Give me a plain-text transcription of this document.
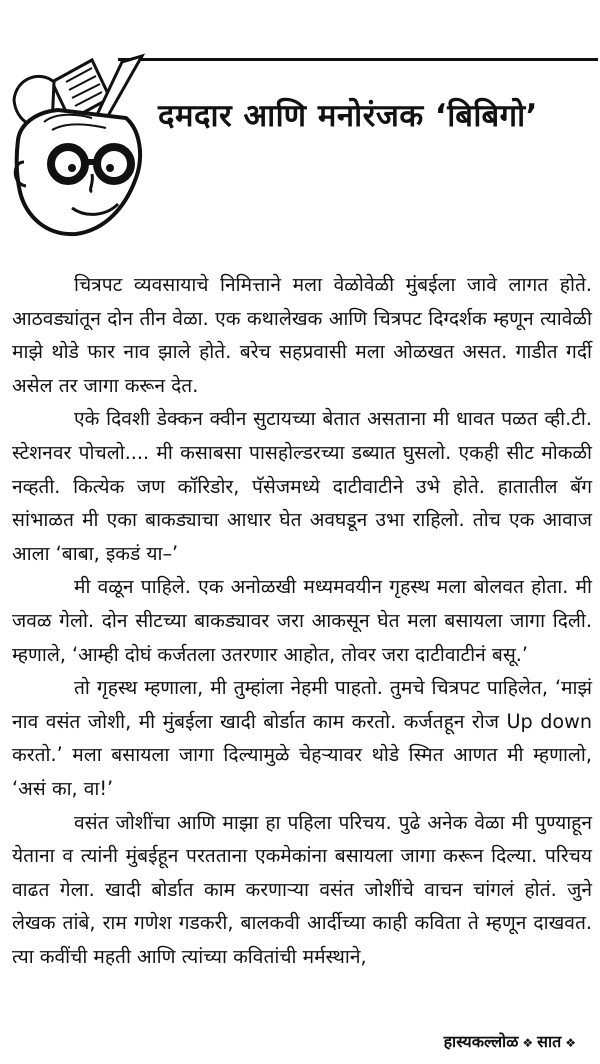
दमदार आणि मनोरंजक ‘बिबिगो’

चित्रपट व्यवसायाचे निमित्ताने मला वेळोवेळी मुंबईला जावे लागत होते. आठवड्यांतून दोन तीन वेळा. एक कथालेखक आणि चित्रपट दिग्दर्शक म्हणून त्यावेळी माझे थोडे फार नाव झाले होते. बरेच सहप्रवासी मला ओळखत असत. गाडीत गर्दी असेल तर जागा करून देत.

एके दिवशी डेक्कन क्वीन सुटायच्या बेतात असताना मी धावत पळत व्ही.टी. स्टेशनवर पोचलो.... मी कसाबसा पासहोल्डरच्या डब्यात घुसलो. एकही सीट मोकळी नव्हती. कित्येक जण कॉरिडोर, पॅसेजमध्ये दाटीवाटीने उभे होते. हातातील बॅग सांभाळत मी एका बाकड्याचा आधार घेत अवघडून उभा राहिलो. तोच एक आवाज आला ‘बाबा, इकडं या–’

मी वळून पाहिले. एक अनोळखी मध्यमवयीन गृहस्थ मला बोलवत होता. मी जवळ गेलो. दोन सीटच्या बाकड्यावर जरा आकसून घेत मला बसायला जागा दिली. म्हणाले, ‘आम्ही दोघं कर्जतला उतरणार आहोत, तोवर जरा दाटीवाटीनं बसू.’

तो गृहस्थ म्हणाला, मी तुम्हांला नेहमी पाहतो. तुमचे चित्रपट पाहिलेत, ‘माझं नाव वसंत जोशी, मी मुंबईला खादी बोर्डात काम करतो. कर्जतहून रोज Up down करतो.’ मला बसायला जागा दिल्यामुळे चेहऱ्यावर थोडे स्मित आणत मी म्हणालो, ‘असं का, वा!’

वसंत जोशींचा आणि माझा हा पहिला परिचय. पुढे अनेक वेळा मी पुण्याहून येताना व त्यांनी मुंबईहून परतताना एकमेकांना बसायला जागा करून दिल्या. परिचय वाढत गेला. खादी बोर्डात काम करणाऱ्या वसंत जोशींचे वाचन चांगलं होतं. जुने लेखक तांबे, राम गणेश गडकरी, बालकवी आर्दीच्या काही कविता ते म्हणून दाखवत. त्या कवींची महती आणि त्यांच्या कवितांची मर्मस्थाने,

हास्यकल्लोळ ❖ सात ❖
